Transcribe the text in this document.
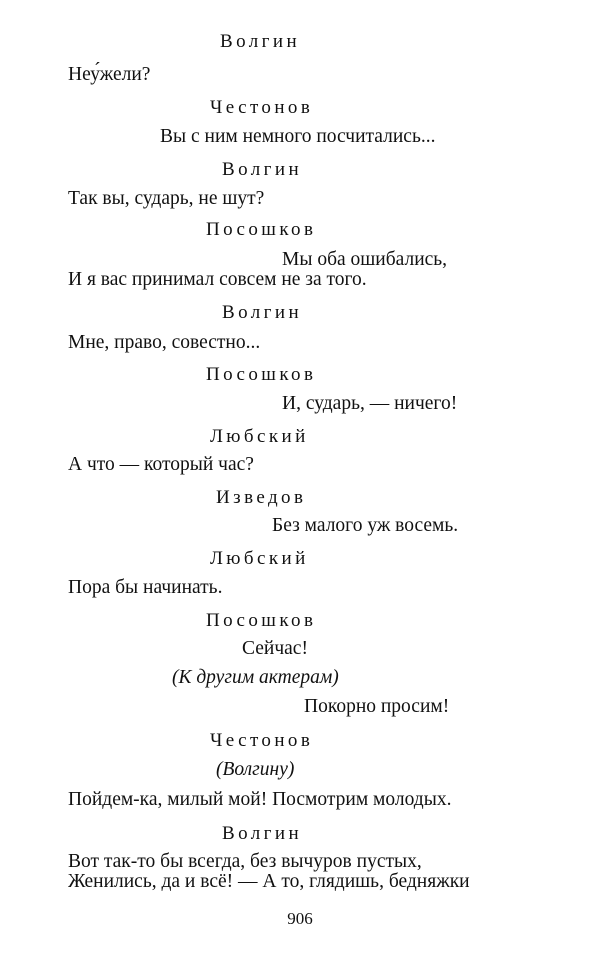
Волгин
Неу́жели?
Честонов
Вы с ним немного посчитались...
Волгин
Так вы, сударь, не шут?
Посошков
Мы оба ошибались,
И я вас принимал совсем не за того.
Волгин
Мне, право, совестно...
Посошков
И, сударь, — ничего!
Любский
А что — который час?
Изведов
Без малого уж восемь.
Любский
Пора бы начинать.
Посошков
Сейчас!
(К другим актерам)
Покорно просим!
Честонов
(Волгину)
Пойдем-ка, милый мой! Посмотрим молодых.
Волгин
Вот так-то бы всегда, без вычуров пустых,
Женились, да и всё! — А то, глядишь, бедняжки
906
